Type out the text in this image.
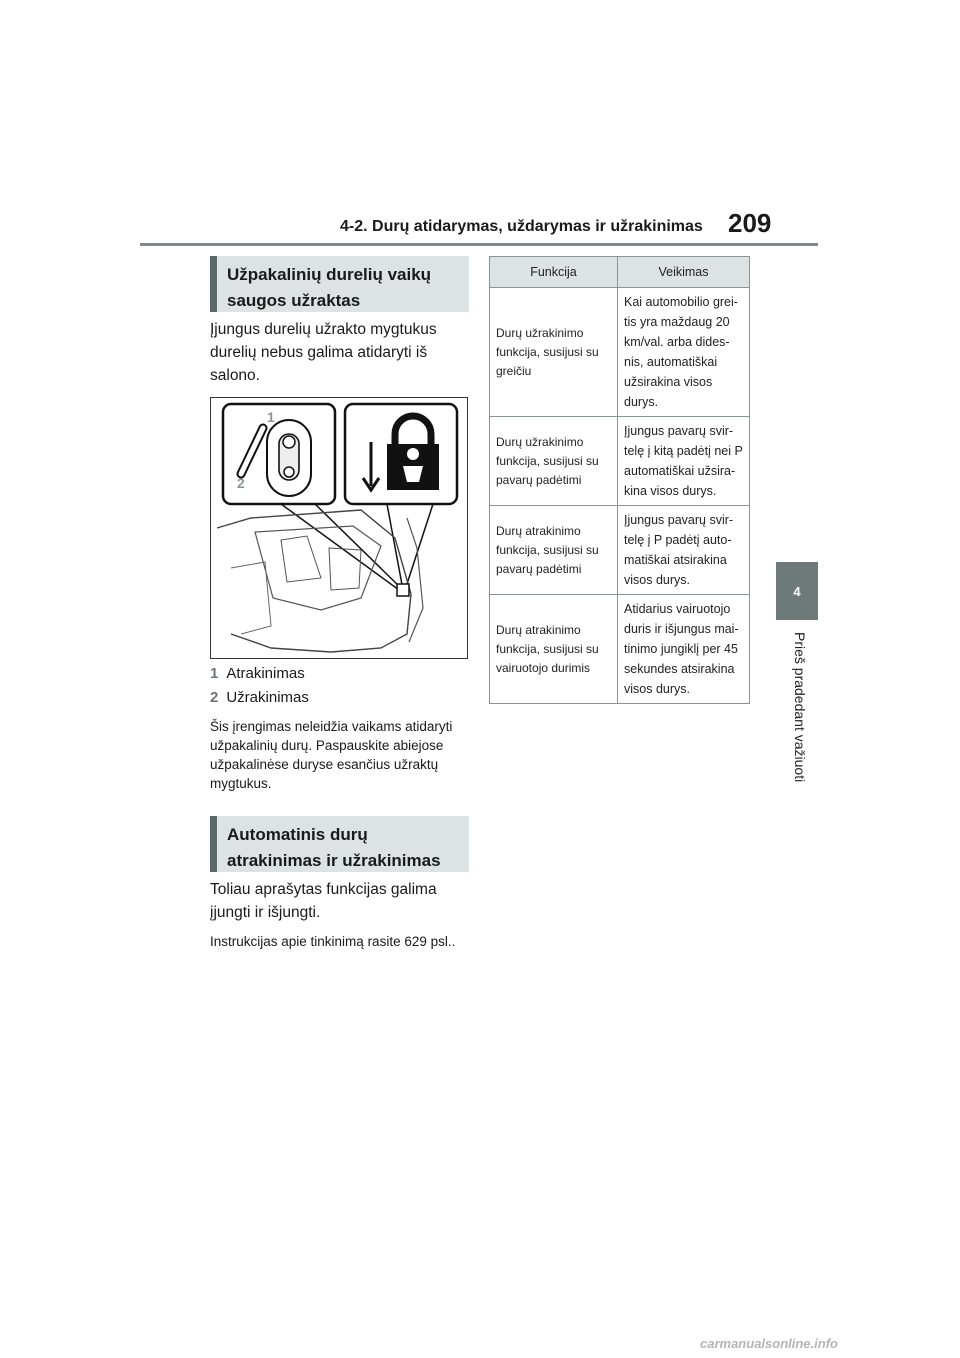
4-2. Durų atidarymas, uždarymas ir užrakinimas 209
4
Prieš pradedant važiuoti
Užpakalinių durelių vaikų
saugos užraktas
Įjungus durelių užrakto mygtukus durelių nebus galima atidaryti iš salono.
1
2
1 Atrakinimas
2 Užrakinimas
Šis įrengimas neleidžia vaikams atidaryti užpakalinių durų. Paspauskite abiejose užpakalinėse duryse esančius užraktų mygtukus.
Automatinis durų
atrakinimas ir užrakinimas
Toliau aprašytas funkcijas galima įjungti ir išjungti.
Instrukcijas apie tinkinimą rasite 629 psl..
Funkcija	Veikimas
Durų užrakinimo funkcija, susijusi su greičiu	Kai automobilio grei-tis yra maždaug 20 km/val. arba dides-nis, automatiškai užsirakina visos durys.
Durų užrakinimo funkcija, susijusi su pavarų padėtimi	Įjungus pavarų svir-telę į kitą padėtį nei P automatiškai užsira-kina visos durys.
Durų atrakinimo funkcija, susijusi su pavarų padėtimi	Įjungus pavarų svir-telę į P padėtį auto-matiškai atsirakina visos durys.
Durų atrakinimo funkcija, susijusi su vairuotojo durimis	Atidarius vairuotojo duris ir išjungus mai-tinimo jungiklį per 45 sekundes atsirakina visos durys.
carmanualsonline.info
